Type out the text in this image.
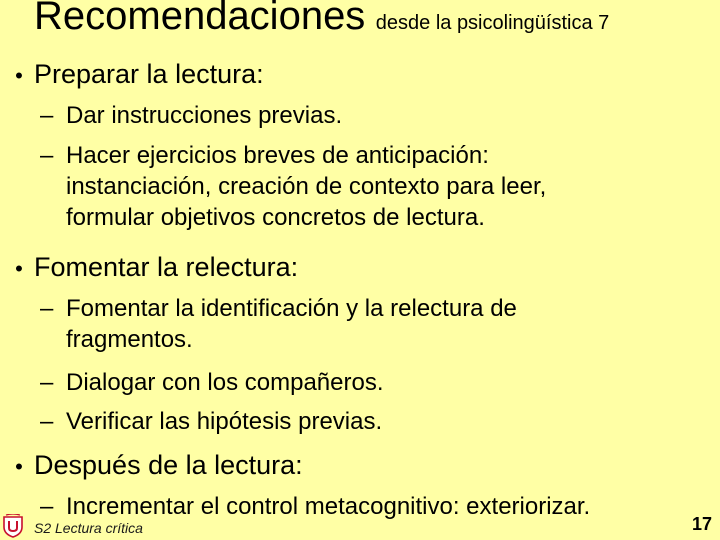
Recomendaciones desde la psicolingüística 7
• Preparar la lectura:
– Dar instrucciones previas.
– Hacer ejercicios breves de anticipación:
instanciación, creación de contexto para leer,
formular objetivos concretos de lectura.
• Fomentar la relectura:
– Fomentar la identificación y la relectura de
fragmentos.
– Dialogar con los compañeros.
– Verificar las hipótesis previas.
• Después de la lectura:
– Incrementar el control metacognitivo: exteriorizar.
S2 Lectura crítica	17
